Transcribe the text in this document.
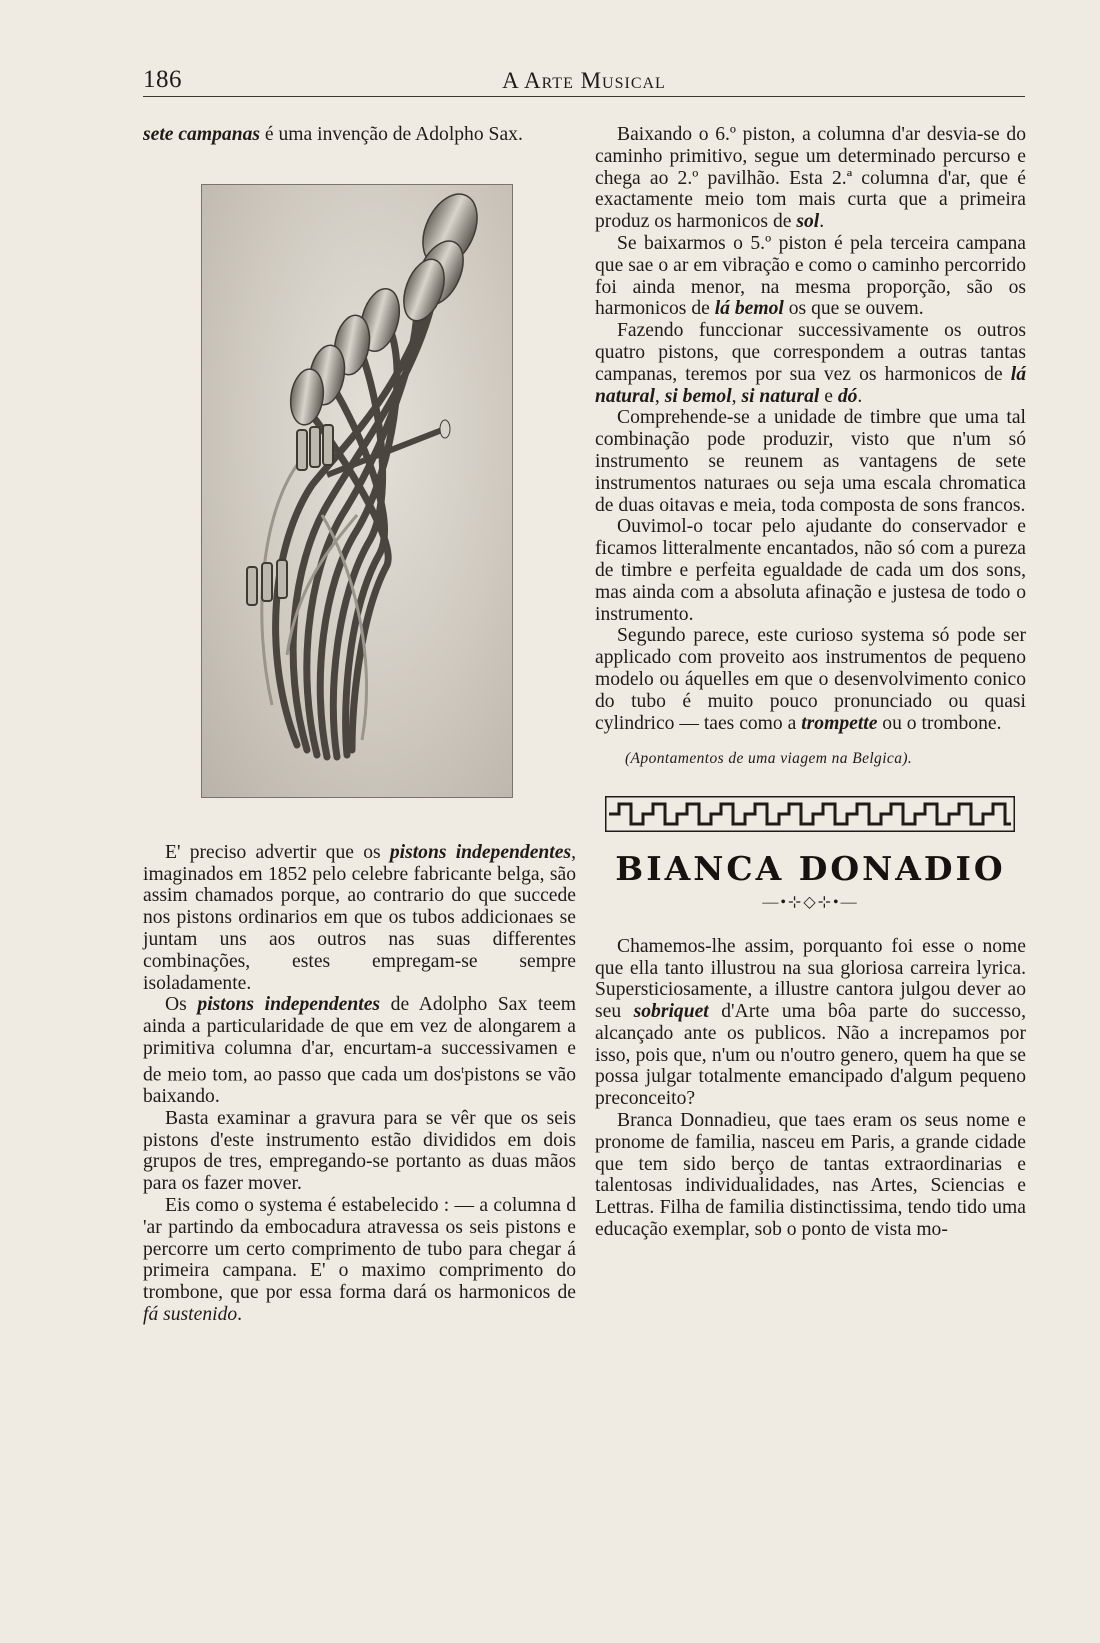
186	A Arte Musical

sete campanas é uma invenção de Adolpho Sax.

E' preciso advertir que os pistons independentes, imaginados em 1852 pelo celebre fabricante belga, são assim chamados porque, ao contrario do que succede nos pistons ordinarios em que os tubos addicionaes se juntam uns aos outros nas suas differentes combinações, estes empregam-se sempre isoladamente.

Os pistons independentes de Adolpho Sax teem ainda a particularidade de que em vez de alongarem a primitiva columna d'ar, encurtam-a successivamen e de meio tom, ao passo que cada um dos$^t$pistons se vão baixando.

Basta examinar a gravura para se vêr que os seis pistons d'este instrumento estão divididos em dois grupos de tres, empregando-se portanto as duas mãos para os fazer mover.

Eis como o systema é estabelecido : — a columna d 'ar partindo da embocadura atravessa os seis pistons e percorre um certo comprimento de tubo para chegar á primeira campana. E' o maximo comprimento do trombone, que por essa forma dará os harmonicos de fá sustenido.

Baixando o 6.º piston, a columna d'ar desvia-se do caminho primitivo, segue um determinado percurso e chega ao 2.º pavilhão. Esta 2.ª columna d'ar, que é exactamente meio tom mais curta que a primeira produz os harmonicos de sol.

Se baixarmos o 5.º piston é pela terceira campana que sae o ar em vibração e como o caminho percorrido foi ainda menor, na mesma proporção, são os harmonicos de lá bemol os que se ouvem.

Fazendo funccionar successivamente os outros quatro pistons, que correspondem a outras tantas campanas, teremos por sua vez os harmonicos de lá natural, si bemol, si natural e dó.

Comprehende-se a unidade de timbre que uma tal combinação pode produzir, visto que n'um só instrumento se reunem as vantagens de sete instrumentos naturaes ou seja uma escala chromatica de duas oitavas e meia, toda composta de sons francos.

Ouvimol-o tocar pelo ajudante do conservador e ficamos litteralmente encantados, não só com a pureza de timbre e perfeita egualdade de cada um dos sons, mas ainda com a absoluta afinação e justesa de todo o instrumento.

Segundo parece, este curioso systema só pode ser applicado com proveito aos instrumentos de pequeno modelo ou áquelles em que o desenvolvimento conico do tubo é muito pouco pronunciado ou quasi cylindrico — taes como a trompette ou o trombone.

(Apontamentos de uma viagem na Belgica).
BIANCA DONADIO
—•⊹◇⊹•—

Chamemos-lhe assim, porquanto foi esse o nome que ella tanto illustrou na sua gloriosa carreira lyrica. Supersticiosamente, a illustre cantora julgou dever ao seu sobriquet d'Arte uma bôa parte do successo, alcançado ante os publicos. Não a increpamos por isso, pois que, n'um ou n'outro genero, quem ha que se possa julgar totalmente emancipado d'algum pequeno preconceito?

Branca Donnadieu, que taes eram os seus nome e pronome de familia, nasceu em Paris, a grande cidade que tem sido berço de tantas extraordinarias e talentosas individualidades, nas Artes, Sciencias e Lettras. Filha de familia distinctissima, tendo tido uma educação exemplar, sob o ponto de vista mo-
